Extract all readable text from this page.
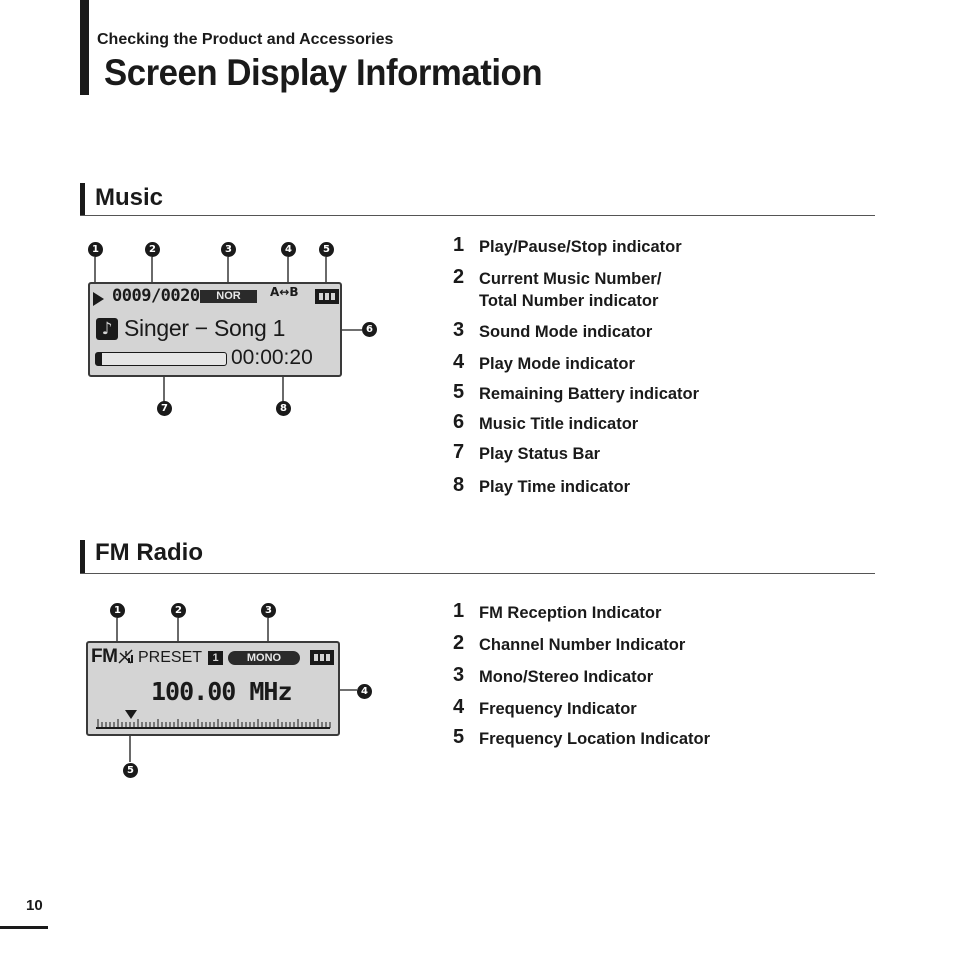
Checking the Product and Accessories
Screen Display Information
Music
1	2	3	4	5
6
7	8
0009/0020	NOR	A↔B
♪ Singer − Song 1
00:00:20
1 Play/Pause/Stop indicator
2 Current Music Number/
Total Number indicator
3 Sound Mode indicator
4 Play Mode indicator
5 Remaining Battery indicator
6 Music Title indicator
7 Play Status Bar
8 Play Time indicator
FM Radio
1	2	3
4
5
FM PRESET 1	MONO
100.00 MHz
1 FM Reception Indicator
2 Channel Number Indicator
3 Mono/Stereo Indicator
4 Frequency Indicator
5 Frequency Location Indicator
10
